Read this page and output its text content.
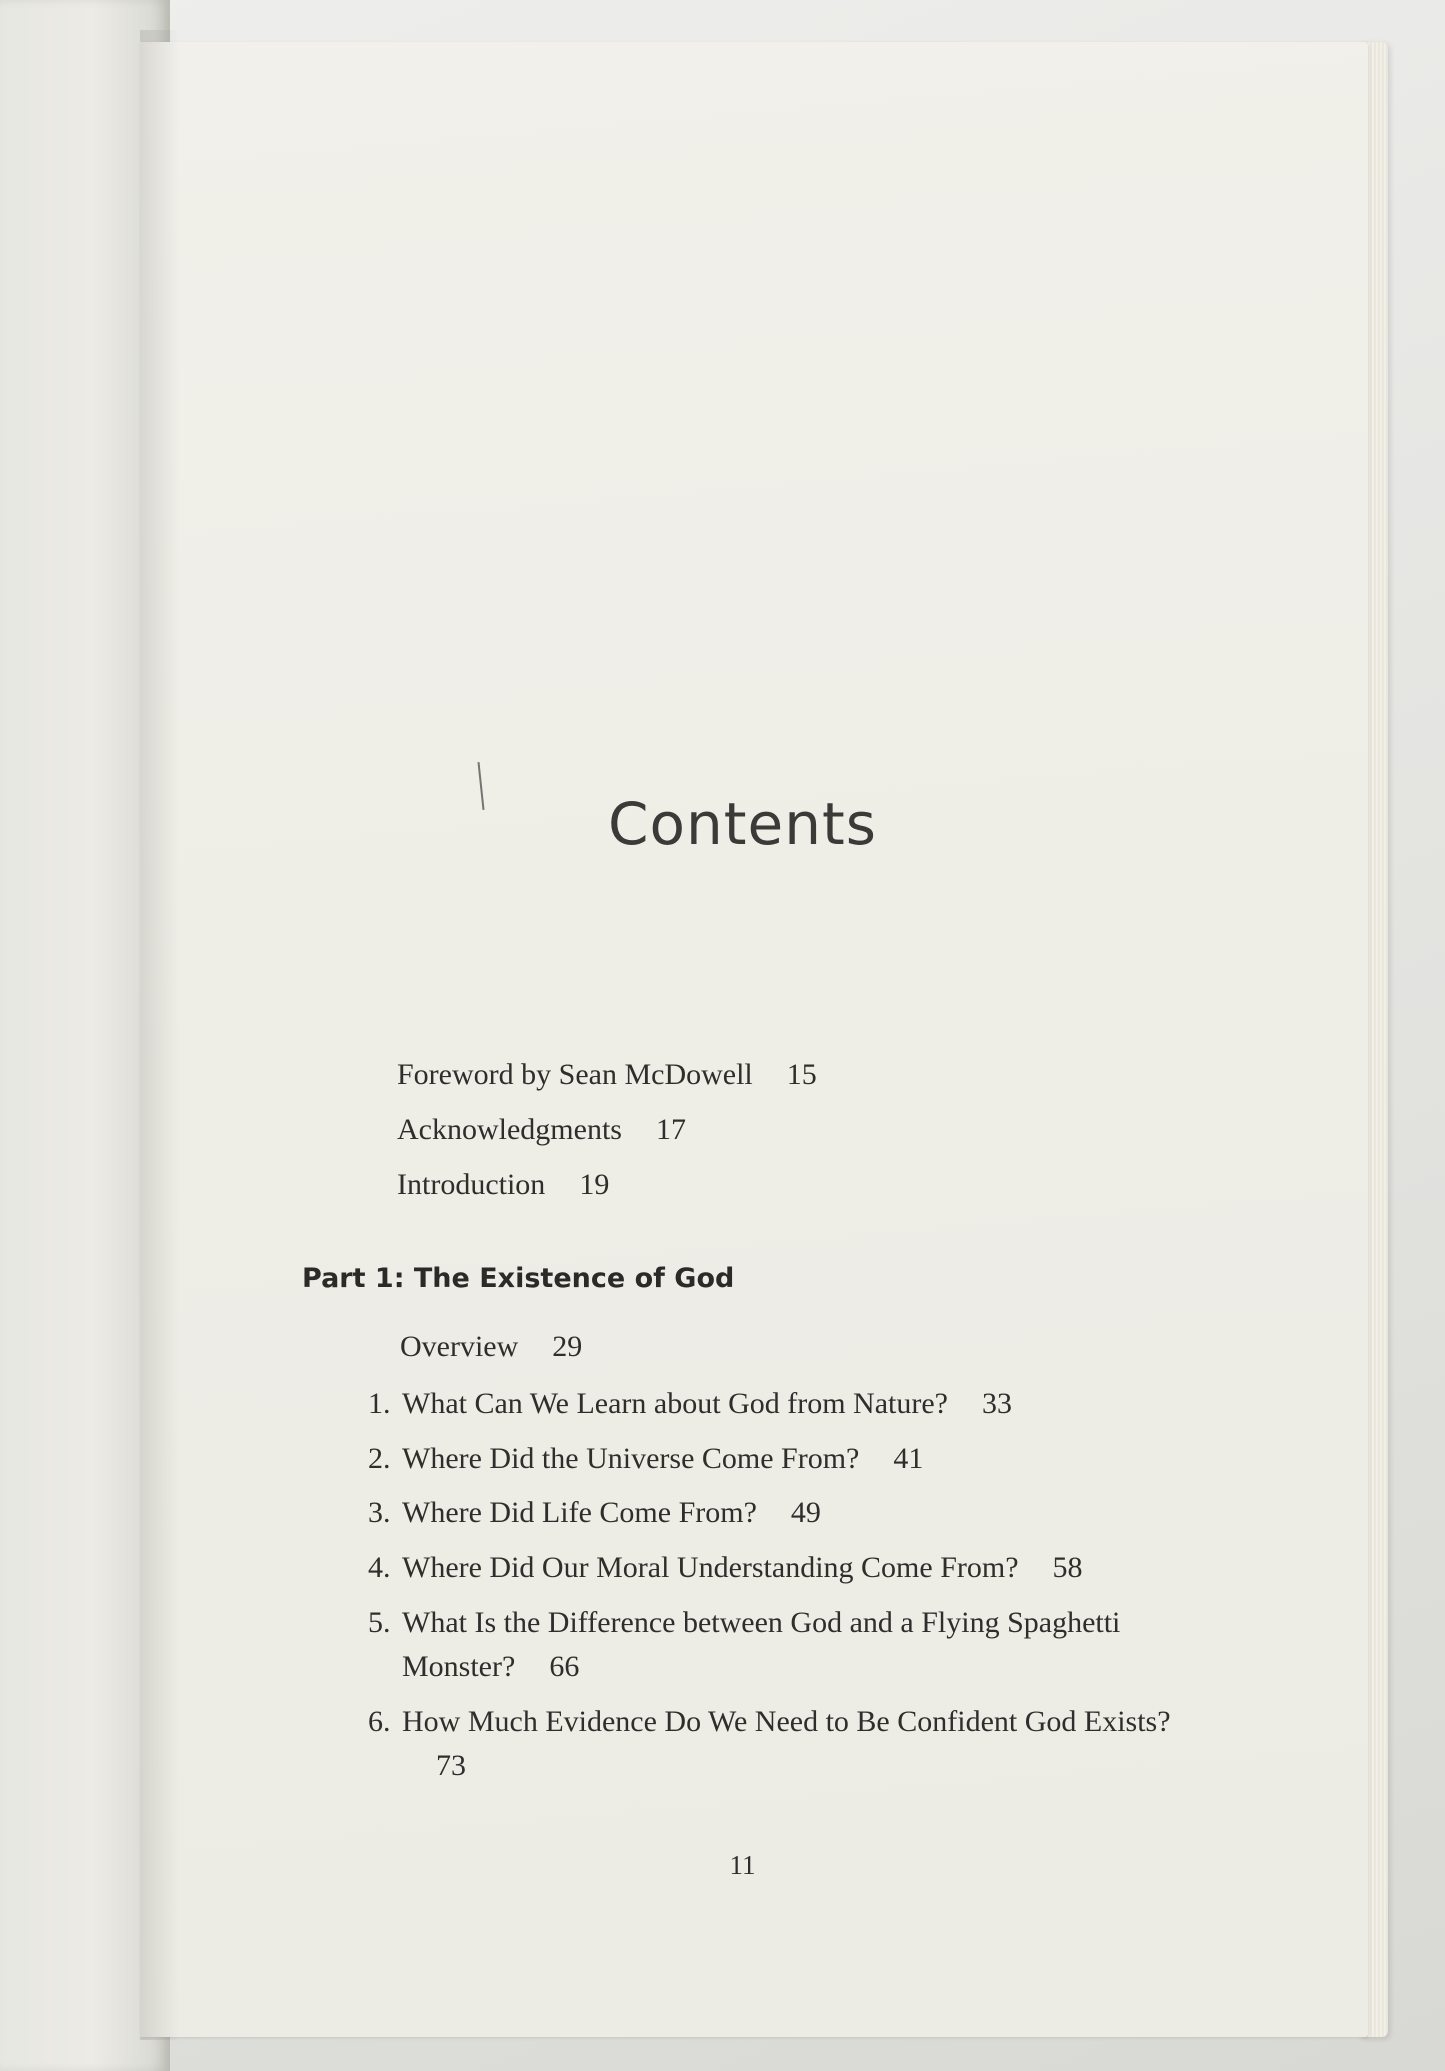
Contents
Foreword by Sean McDowell 15
Acknowledgments 17
Introduction 19
Part 1: The Existence of God
Overview 29
1. What Can We Learn about God from Nature? 33
2. Where Did the Universe Come From? 41
3. Where Did Life Come From? 49
4. Where Did Our Moral Understanding Come From? 58
5. What Is the Difference between God and a Flying Spaghetti Monster? 66
6. How Much Evidence Do We Need to Be Confident God Exists?73
11
